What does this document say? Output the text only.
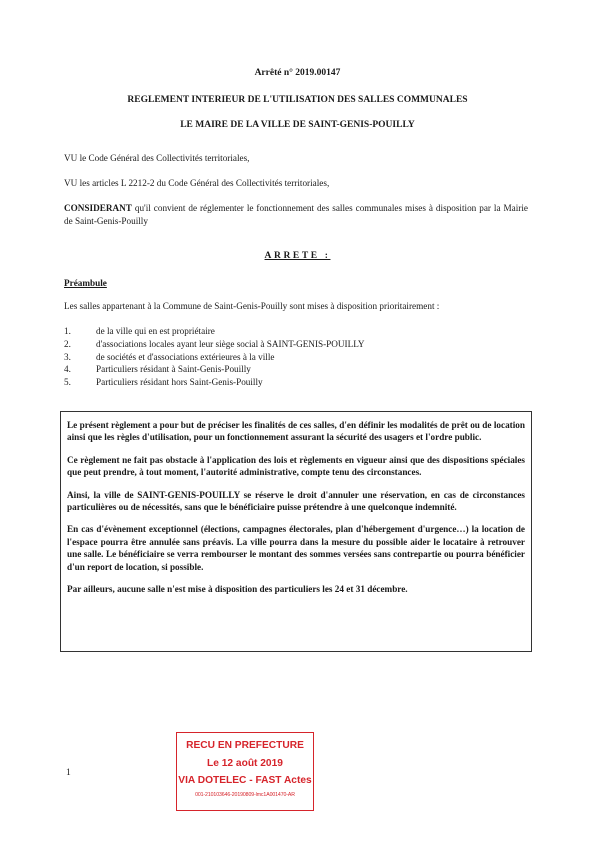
Arrêté n° 2019.00147
REGLEMENT INTERIEUR DE L'UTILISATION DES SALLES COMMUNALES
LE MAIRE DE LA VILLE DE SAINT-GENIS-POUILLY
VU le Code Général des Collectivités territoriales,
VU les articles L 2212-2 du Code Général des Collectivités territoriales,
CONSIDERANT qu'il convient de réglementer le fonctionnement des salles communales mises à disposition par la Mairie de Saint-Genis-Pouilly
ARRETE :
Préambule
Les salles appartenant à la Commune de Saint-Genis-Pouilly sont mises à disposition prioritairement :
1.	de la ville qui en est propriétaire
2.	d'associations locales ayant leur siège social à SAINT-GENIS-POUILLY
3.	de sociétés et d'associations extérieures à la ville
4.	Particuliers résidant à Saint-Genis-Pouilly
5.	Particuliers résidant hors Saint-Genis-Pouilly

Le présent règlement a pour but de préciser les finalités de ces salles, d'en définir les modalités de prêt ou de location ainsi que les règles d'utilisation, pour un fonctionnement assurant la sécurité des usagers et l'ordre public.

Ce règlement ne fait pas obstacle à l'application des lois et règlements en vigueur ainsi que des dispositions spéciales que peut prendre, à tout moment, l'autorité administrative, compte tenu des circonstances.

Ainsi, la ville de SAINT-GENIS-POUILLY se réserve le droit d'annuler une réservation, en cas de circonstances particulières ou de nécessités, sans que le bénéficiaire puisse prétendre à une quelconque indemnité.

En cas d'évènement exceptionnel (élections, campagnes électorales, plan d'hébergement d'urgence…) la location de l'espace pourra être annulée sans préavis. La ville pourra dans la mesure du possible aider le locataire à retrouver une salle. Le bénéficiaire se verra rembourser le montant des sommes versées sans contrepartie ou pourra bénéficier d'un report de location, si possible.

Par ailleurs, aucune salle n'est mise à disposition des particuliers les 24 et 31 décembre.

1
RECU EN PREFECTURE
Le 12 août 2019
VIA DOTELEC - FAST Actes
001-210103646-20190809-lmc1A001470-AR
